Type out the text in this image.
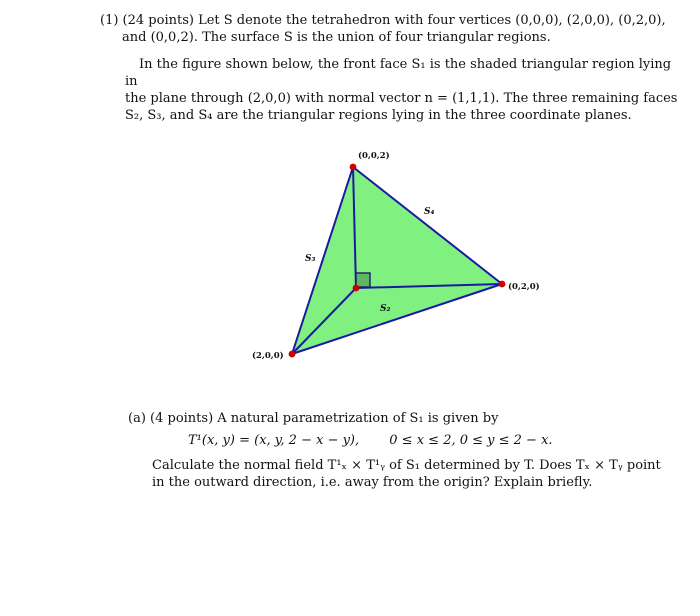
(1) (24 points) Let S denote the tetrahedron with four vertices (0,0,0), (2,0,0), (0,2,0),
and (0,0,2). The surface S is the union of four triangular regions.

In the figure shown below, the front face S₁ is the shaded triangular region lying in
the plane through (2,0,0) with normal vector n = (1,1,1). The three remaining faces
S₂, S₃, and S₄ are the triangular regions lying in the three coordinate planes.

(0,0,2)
(0,2,0)
(2,0,0)
S₄
S₃
S₂

(a) (4 points) A natural parametrization of S₁ is given by

T¹(x, y) = (x, y, 2 − x − y),   0 ≤ x ≤ 2, 0 ≤ y ≤ 2 − x.

Calculate the normal field T¹ₓ × T¹ᵧ of S₁ determined by T. Does Tₓ × Tᵧ point
in the outward direction, i.e. away from the origin? Explain briefly.
